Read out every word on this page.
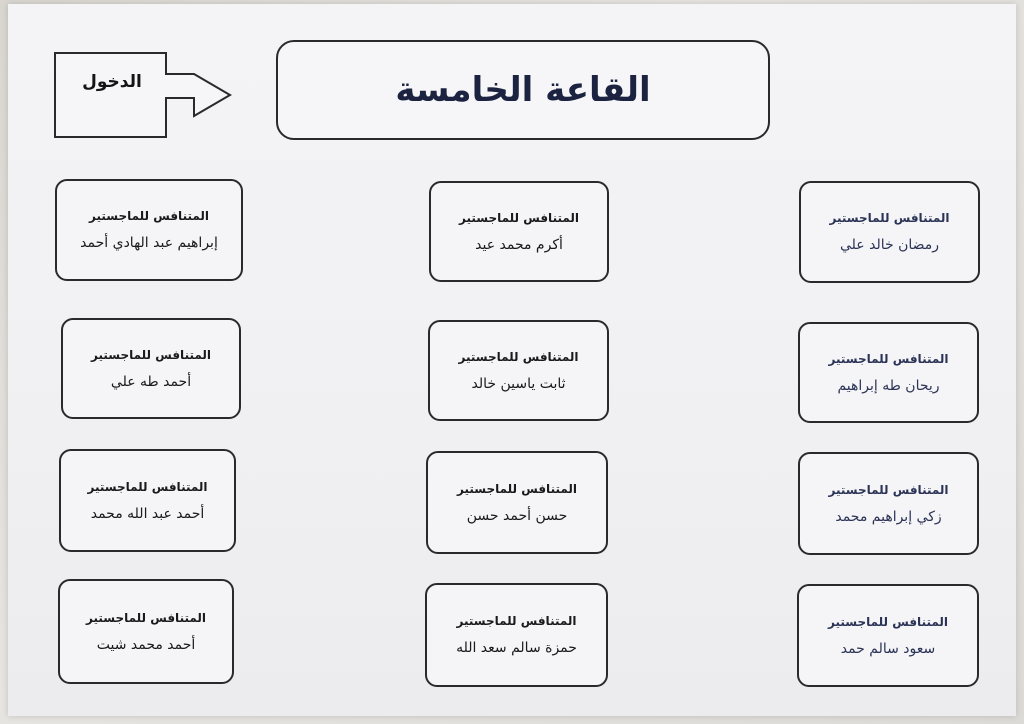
الدخول	القاعة الخامسة
المتنافس للماجستير
إبراهيم عبد الهادي أحمد
المتنافس للماجستير
أحمد طه علي
المتنافس للماجستير
أحمد عبد الله محمد
المتنافس للماجستير
أحمد محمد شيت
المتنافس للماجستير
أكرم محمد عيد
المتنافس للماجستير
ثابت ياسين خالد
المتنافس للماجستير
حسن أحمد حسن
المتنافس للماجستير
حمزة سالم سعد الله
المتنافس للماجستير
رمضان خالد علي
المتنافس للماجستير
ريحان طه إبراهيم
المتنافس للماجستير
زكي إبراهيم محمد
المتنافس للماجستير
سعود سالم حمد
